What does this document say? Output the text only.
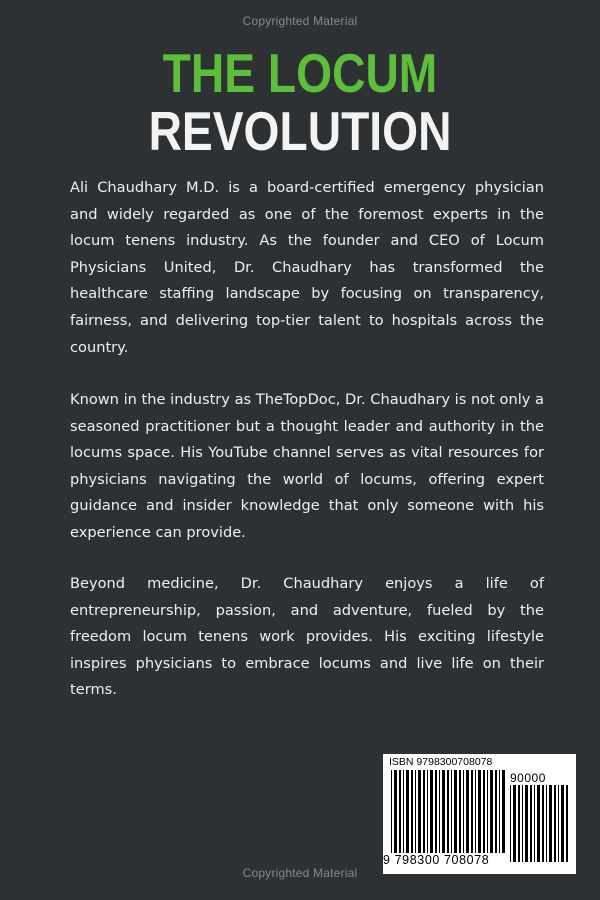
Copyrighted Material
THE LOCUM
REVOLUTION

Ali Chaudhary M.D. is a board-certified emergency physician and widely regarded as one of the foremost experts in the locum tenens industry. As the founder and CEO of Locum Physicians United, Dr. Chaudhary has transformed the healthcare staffing landscape by focusing on transparency, fairness, and delivering top-tier talent to hospitals across the country.

Known in the industry as TheTopDoc, Dr. Chaudhary is not only a seasoned practitioner but a thought leader and authority in the locums space. His YouTube channel serves as vital resources for physicians navigating the world of locums, offering expert guidance and insider knowledge that only someone with his experience can provide.

Beyond medicine, Dr. Chaudhary enjoys a life of entrepreneurship, passion, and adventure, fueled by the freedom locum tenens work provides. His exciting lifestyle inspires physicians to embrace locums and live life on their terms.

ISBN 9798300708078
90000
9 798300 708078
Copyrighted Material
